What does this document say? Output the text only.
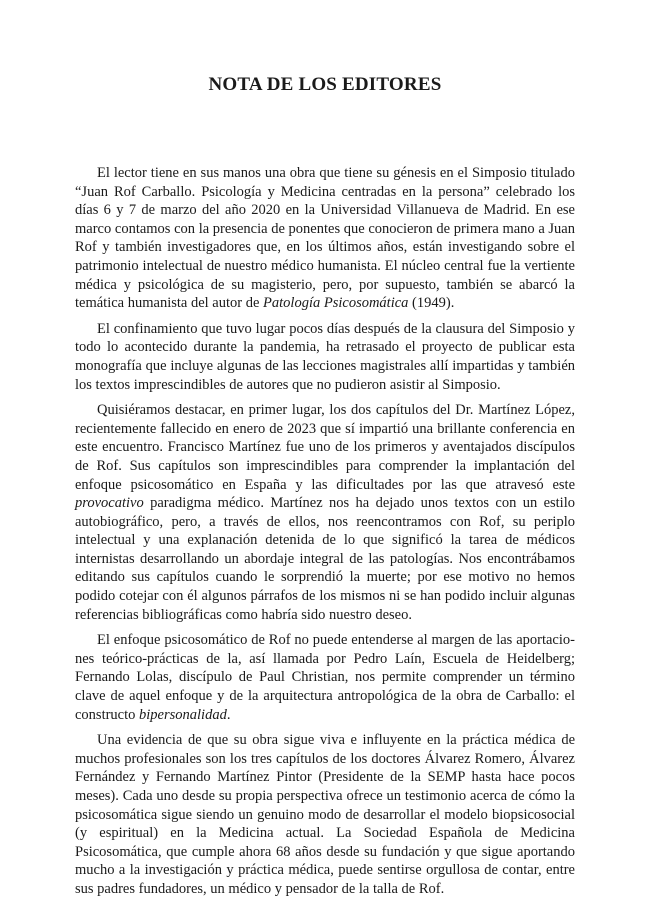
NOTA DE LOS EDITORES

El lector tiene en sus manos una obra que tiene su génesis en el Simposio titulado “Juan Rof Carballo. Psicología y Medicina centradas en la persona” celebrado los días 6 y 7 de marzo del año 2020 en la Universidad Villanueva de Madrid. En ese marco contamos con la presencia de ponentes que conocieron de primera mano a Juan Rof y también investigadores que, en los últimos años, están investigando sobre el patrimonio intelectual de nuestro médico humanista. El núcleo central fue la vertiente médica y psicológica de su magisterio, pero, por supuesto, también se abarcó la temática humanista del autor de Patología Psicosomática (1949).

El confinamiento que tuvo lugar pocos días después de la clausura del Simposio y todo lo acontecido durante la pandemia, ha retrasado el proyecto de publicar esta monografía que incluye algunas de las lecciones magistrales allí impartidas y también los textos imprescindibles de autores que no pudieron asistir al Simposio.

Quisiéramos destacar, en primer lugar, los dos capítulos del Dr. Martínez López, recientemente fallecido en enero de 2023 que sí impartió una brillante conferencia en este encuentro. Francisco Martínez fue uno de los primeros y aventajados discípulos de Rof. Sus capítulos son imprescindibles para comprender la implantación del enfoque psicosomático en España y las dificultades por las que atravesó este provocativo paradigma médico. Martínez nos ha dejado unos textos con un estilo autobiográfico, pero, a través de ellos, nos reencontramos con Rof, su periplo intelectual y una explanación detenida de lo que significó la tarea de médicos internistas desarrollando un abordaje integral de las patologías. Nos encontrábamos editando sus capítulos cuando le sorprendió la muerte; por ese motivo no hemos podido cotejar con él algunos párrafos de los mismos ni se han podido incluir algunas referencias bibliográficas como habría sido nuestro deseo.

El enfoque psicosomático de Rof no puede entenderse al margen de las aportaciones teórico-prácticas de la, así llamada por Pedro Laín, Escuela de Heidelberg; Fernando Lolas, discípulo de Paul Christian, nos permite comprender un término clave de aquel enfoque y de la arquitectura antropológica de la obra de Carballo: el constructo bipersonalidad.

Una evidencia de que su obra sigue viva e influyente en la práctica médica de muchos profesionales son los tres capítulos de los doctores Álvarez Romero, Álvarez Fernández y Fernando Martínez Pintor (Presidente de la SEMP hasta hace pocos meses). Cada uno desde su propia perspectiva ofrece un testimonio acerca de cómo la psicosomática sigue siendo un genuino modo de desarrollar el modelo biopsicosocial (y espiritual) en la Medicina actual. La Sociedad Española de Medicina Psicosomática, que cumple ahora 68 años desde su fundación y que sigue aportando mucho a la investigación y práctica médica, puede sentirse orgullosa de contar, entre sus padres fundadores, un médico y pensador de la talla de Rof.
